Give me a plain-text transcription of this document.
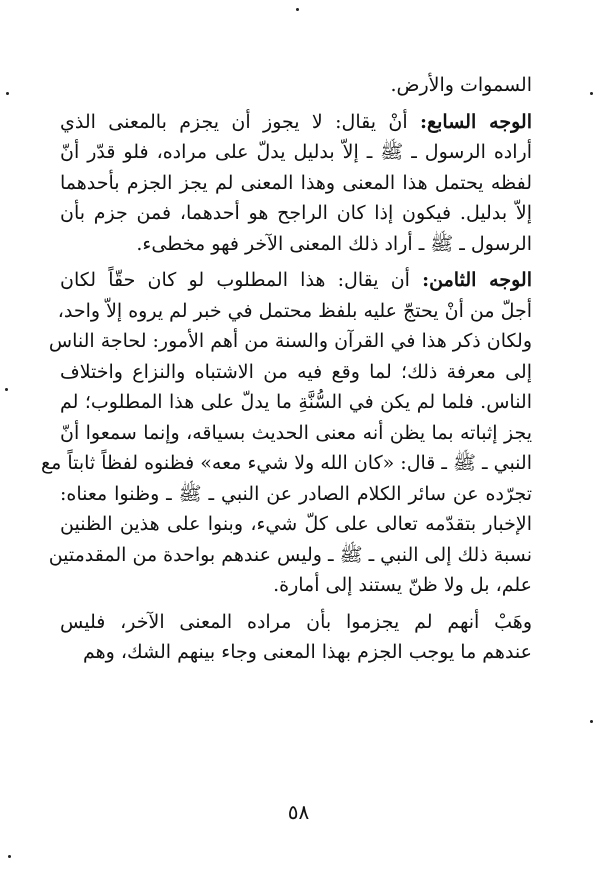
السموات والأرض.

الوجه السابع: أنْ يقال: لا يجوز أن يجزم بالمعنى الذي
أراده الرسول ـ ﷺ ـ إلاّ بدليل يدلّ على مراده، فلو قدّر أنّ
لفظه يحتمل هذا المعنى وهذا المعنى لم يجز الجزم بأحدهما
إلاّ بدليل. فيكون إذا كان الراجح هو أحدهما، فمن جزم بأن
الرسول ـ ﷺ ـ أراد ذلك المعنى الآخر فهو مخطىء.

الوجه الثامن: أن يقال: هذا المطلوب لو كان حقّاً لكان
أجلّ من أنْ يحتجّ عليه بلفظ محتمل في خبر لم يروه إلاّ واحد،
ولكان ذكر هذا في القرآن والسنة من أهم الأمور: لحاجة الناس
إلى معرفة ذلك؛ لما وقع فيه من الاشتباه والنزاع واختلاف
الناس. فلما لم يكن في السُّنَّةِ ما يدلّ على هذا المطلوب؛ لم
يجز إثباته بما يظن أنه معنى الحديث بسياقه، وإنما سمعوا أنّ
النبي ـ ﷺ ـ قال: «كان الله ولا شيء معه» فظنوه لفظاً ثابتاً مع
تجرّده عن سائر الكلام الصادر عن النبي ـ ﷺ ـ وظنوا معناه:
الإخبار بتقدّمه تعالى على كلّ شيء، وبنوا على هذين الظنين
نسبة ذلك إلى النبي ـ ﷺ ـ وليس عندهم بواحدة من المقدمتين
علم، بل ولا ظنّ يستند إلى أمارة.

وهَبْ أنهم لم يجزموا بأن مراده المعنى الآخر، فليس
عندهم ما يوجب الجزم بهذا المعنى وجاء بينهم الشك، وهم

٥٨
